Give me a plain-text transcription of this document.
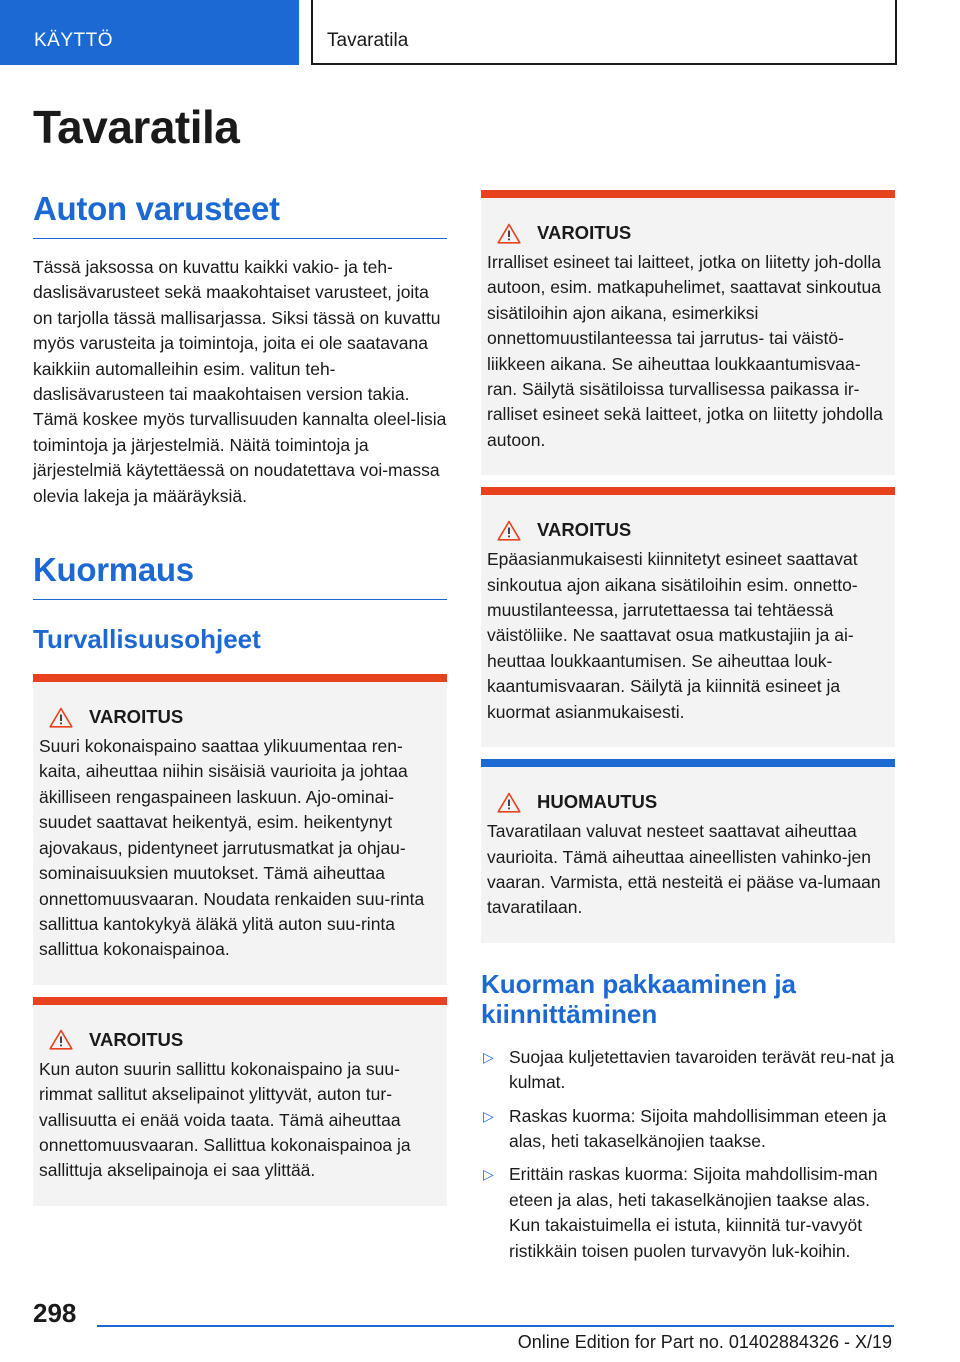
KÄYTTÖ	Tavaratila
Tavaratila
Auton varusteet

Tässä jaksossa on kuvattu kaikki vakio- ja teh-daslisävarusteet sekä maakohtaiset varusteet, joita on tarjolla tässä mallisarjassa. Siksi tässä on kuvattu myös varusteita ja toimintoja, joita ei ole saatavana kaikkiin automalleihin esim. valitun teh-daslisävarusteen tai maakohtaisen version takia. Tämä koskee myös turvallisuuden kannalta oleel-lisia toimintoja ja järjestelmiä. Näitä toimintoja ja järjestelmiä käytettäessä on noudatettava voi-massa olevia lakeja ja määräyksiä.

Kuormaus
Turvallisuusohjeet
VAROITUS

Suuri kokonaispaino saattaa ylikuumentaa ren-kaita, aiheuttaa niihin sisäisiä vaurioita ja johtaa äkilliseen rengaspaineen laskuun. Ajo-ominai-suudet saattavat heikentyä, esim. heikentynyt ajovakaus, pidentyneet jarrutusmatkat ja ohjau-sominaisuuksien muutokset. Tämä aiheuttaa onnettomuusvaaran. Noudata renkaiden suu-rinta sallittua kantokykyä äläkä ylitä auton suu-rinta sallittua kokonaispainoa.

VAROITUS

Kun auton suurin sallittu kokonaispaino ja suu-rimmat sallitut akselipainot ylittyvät, auton tur-vallisuutta ei enää voida taata. Tämä aiheuttaa onnettomuusvaaran. Sallittua kokonaispainoa ja sallittuja akselipainoja ei saa ylittää.

VAROITUS

Irralliset esineet tai laitteet, jotka on liitetty joh-dolla autoon, esim. matkapuhelimet, saattavat sinkoutua sisätiloihin ajon aikana, esimerkiksi onnettomuustilanteessa tai jarrutus- tai väistö-liikkeen aikana. Se aiheuttaa loukkaantumisvaa-ran. Säilytä sisätiloissa turvallisessa paikassa ir-ralliset esineet sekä laitteet, jotka on liitetty johdolla autoon.

VAROITUS

Epäasianmukaisesti kiinnitetyt esineet saattavat sinkoutua ajon aikana sisätiloihin esim. onnetto-muustilanteessa, jarrutettaessa tai tehtäessä väistöliike. Ne saattavat osua matkustajiin ja ai-heuttaa loukkaantumisen. Se aiheuttaa louk-kaantumisvaaran. Säilytä ja kiinnitä esineet ja kuormat asianmukaisesti.

HUOMAUTUS

Tavaratilaan valuvat nesteet saattavat aiheuttaa vaurioita. Tämä aiheuttaa aineellisten vahinko-jen vaaran. Varmista, että nesteitä ei pääse va-lumaan tavaratilaan.

Kuorman pakkaaminen ja kiinnittäminen
▷ Suojaa kuljetettavien tavaroiden terävät reu-nat ja kulmat.
▷ Raskas kuorma: Sijoita mahdollisimman eteen ja alas, heti takaselkänojien taakse.
▷ Erittäin raskas kuorma: Sijoita mahdollisim-man eteen ja alas, heti takaselkänojien taakse alas. Kun takaistuimella ei istuta, kiinnitä tur-vavyöt ristikkäin toisen puolen turvavyön luk-koihin.
298
Online Edition for Part no. 01402884326 - X/19
